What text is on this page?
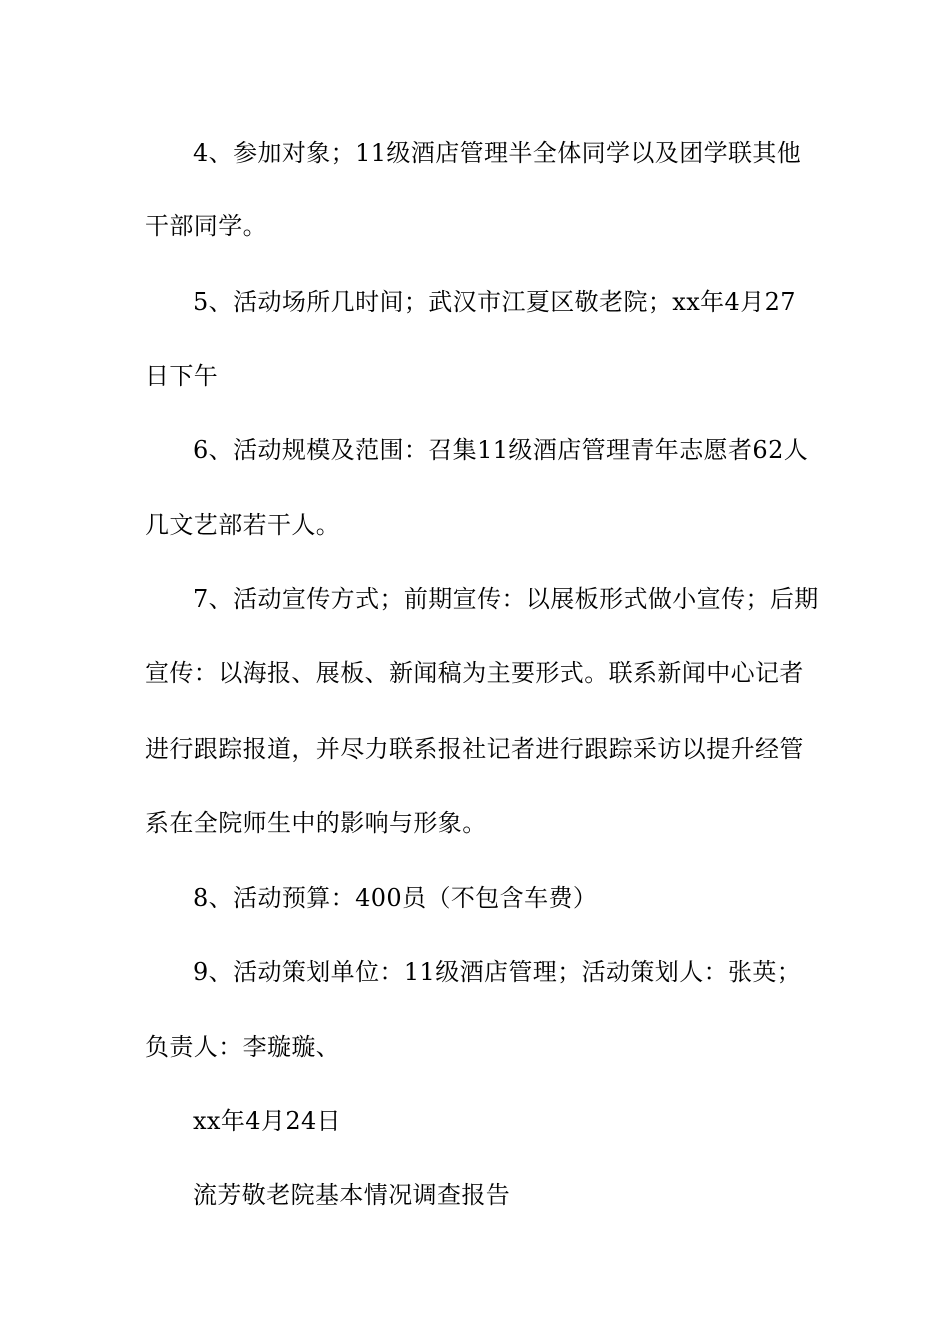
4、参加对象；11级酒店管理半全体同学以及团学联其他
干部同学。
5、活动场所几时间；武汉市江夏区敬老院；xx年4月27
日下午
6、活动规模及范围：召集11级酒店管理青年志愿者62人
几文艺部若干人。
7、活动宣传方式；前期宣传：以展板形式做小宣传；后期
宣传：以海报、展板、新闻稿为主要形式。联系新闻中心记者
进行跟踪报道，并尽力联系报社记者进行跟踪采访以提升经管
系在全院师生中的影响与形象。
8、活动预算：400员（不包含车费）
9、活动策划单位：11级酒店管理；活动策划人：张英；
负责人：李璇璇、
xx年4月24日
流芳敬老院基本情况调查报告
